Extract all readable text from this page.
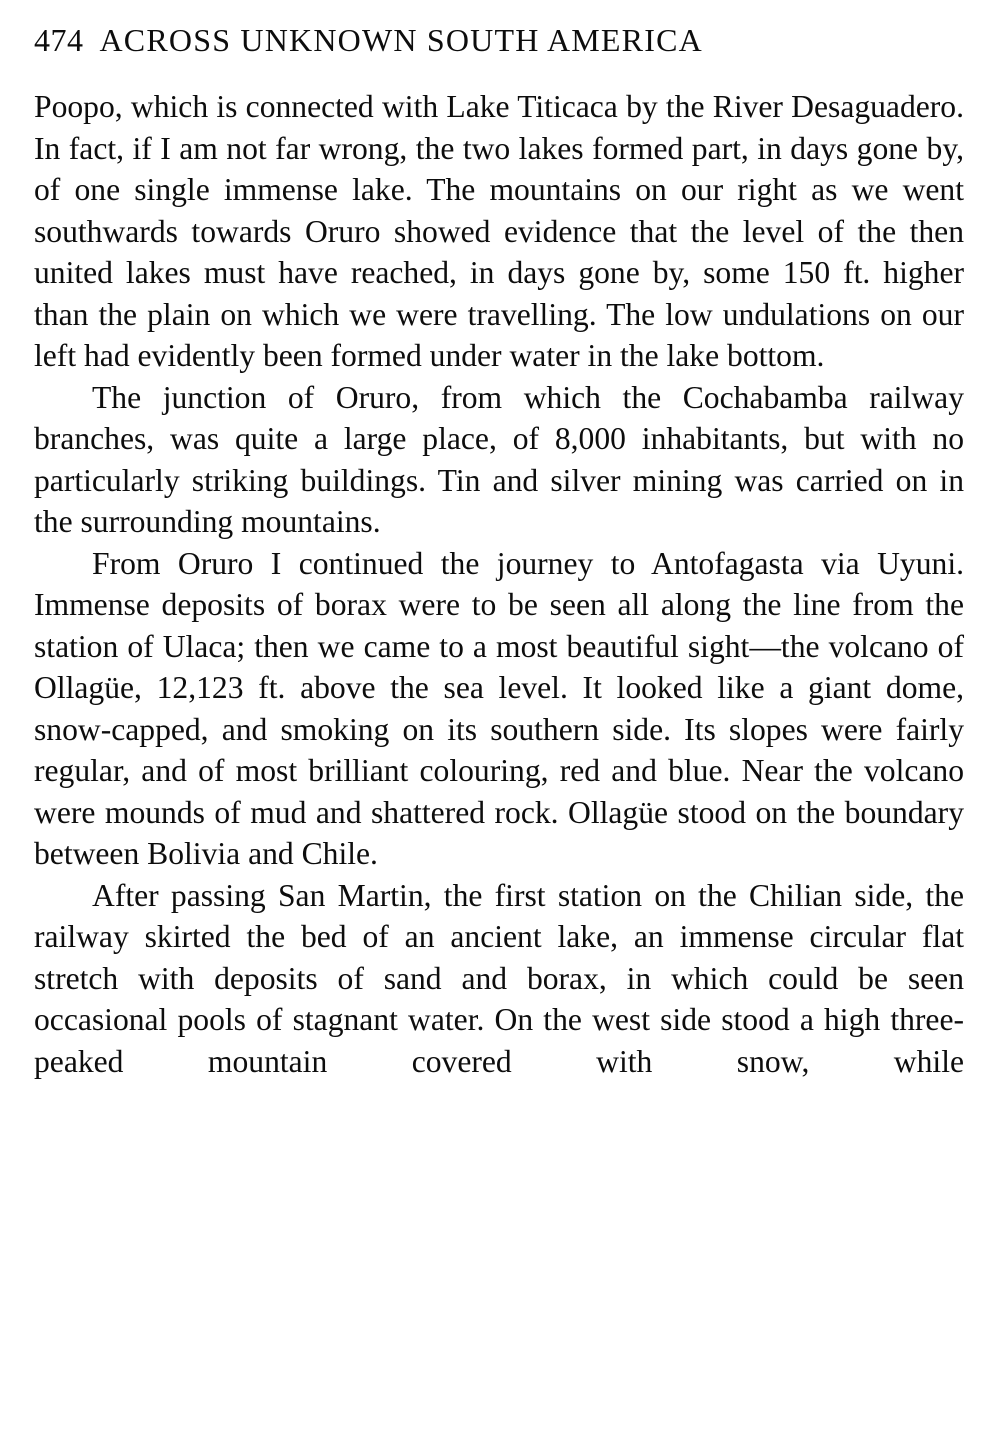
474 ACROSS UNKNOWN SOUTH AMERICA

Poopo, which is connected with Lake Titicaca by the River Desaguadero. In fact, if I am not far wrong, the two lakes formed part, in days gone by, of one single immense lake. The mountains on our right as we went southwards towards Oruro showed evidence that the level of the then united lakes must have reached, in days gone by, some 150 ft. higher than the plain on which we were travelling. The low undulations on our left had evidently been formed under water in the lake bottom.

The junction of Oruro, from which the Cochabamba railway branches, was quite a large place, of 8,000 inhabitants, but with no particularly striking buildings. Tin and silver mining was carried on in the surrounding mountains.

From Oruro I continued the journey to Antofagasta via Uyuni. Immense deposits of borax were to be seen all along the line from the station of Ulaca; then we came to a most beautiful sight—the volcano of Ollagüe, 12,123 ft. above the sea level. It looked like a giant dome, snow-capped, and smoking on its southern side. Its slopes were fairly regular, and of most brilliant colouring, red and blue. Near the volcano were mounds of mud and shattered rock. Ollagüe stood on the boundary between Bolivia and Chile.

After passing San Martin, the first station on the Chilian side, the railway skirted the bed of an ancient lake, an immense circular flat stretch with deposits of sand and borax, in which could be seen occasional pools of stagnant water. On the west side stood a high three-peaked mountain covered with snow, while
